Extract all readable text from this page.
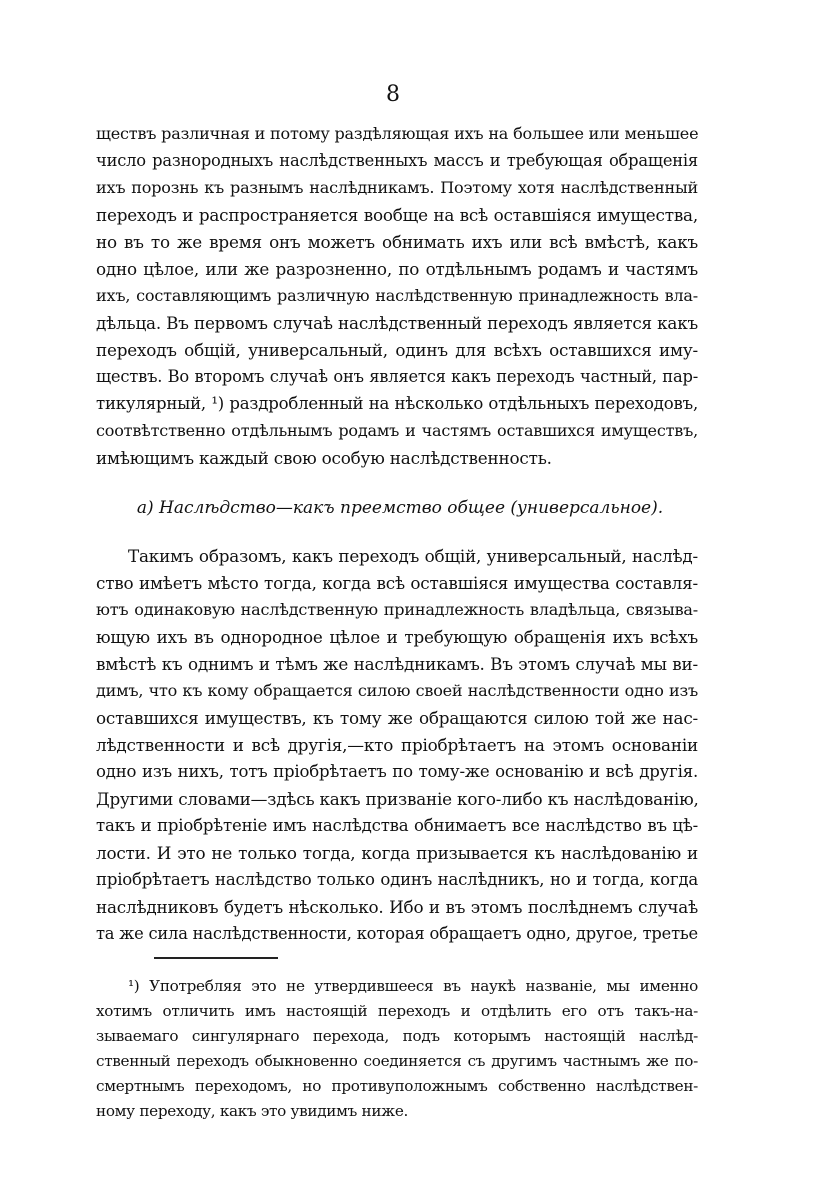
8
ществъ различная и потому раздѣляющая ихъ на большее или меньшее
число разнородныхъ наслѣдственныхъ массъ и требующая обращенія
ихъ порознь къ разнымъ наслѣдникамъ. Поэтому хотя наслѣдственный
переходъ и распространяется вообще на всѣ оставшіяся имущества,
но въ то же время онъ можетъ обнимать ихъ или всѣ вмѣстѣ, какъ
одно цѣлое, или же разрозненно, по отдѣльнымъ родамъ и частямъ
ихъ, составляющимъ различную наслѣдственную принадлежность вла-
дѣльца. Въ первомъ случаѣ наслѣдственный переходъ является какъ
переходъ общій, универсальный, одинъ для всѣхъ оставшихся иму-
ществъ. Во второмъ случаѣ онъ является какъ переходъ частный, пар-
тикулярный, ¹) раздробленный на нѣсколько отдѣльныхъ переходовъ,
соотвѣтственно отдѣльнымъ родамъ и частямъ оставшихся имуществъ,
имѣющимъ каждый свою особую наслѣдственность.
а) Наслѣдство—какъ преемство общее (универсальное).
Такимъ образомъ, какъ переходъ общій, универсальный, наслѣд-
ство имѣетъ мѣсто тогда, когда всѣ оставшіяся имущества составля-
ютъ одинаковую наслѣдственную принадлежность владѣльца, связыва-
ющую ихъ въ однородное цѣлое и требующую обращенія ихъ всѣхъ
вмѣстѣ къ однимъ и тѣмъ же наслѣдникамъ. Въ этомъ случаѣ мы ви-
димъ, что къ кому обращается силою своей наслѣдственности одно изъ
оставшихся имуществъ, къ тому же обращаются силою той же нас-
лѣдственности и всѣ другія,—кто пріобрѣтаетъ на этомъ основаніи
одно изъ нихъ, тотъ пріобрѣтаетъ по тому-же основанію и всѣ другія.
Другими словами—здѣсь какъ призваніе кого-либо къ наслѣдованію,
такъ и пріобрѣтеніе имъ наслѣдства обнимаетъ все наслѣдство въ цѣ-
лости. И это не только тогда, когда призывается къ наслѣдованію и
пріобрѣтаетъ наслѣдство только одинъ наслѣдникъ, но и тогда, когда
наслѣдниковъ будетъ нѣсколько. Ибо и въ этомъ послѣднемъ случаѣ
та же сила наслѣдственности, которая обращаетъ одно, другое, третье
¹) Употребляя это не утвердившееся въ наукѣ названіе, мы именно
хотимъ отличить имъ настоящій переходъ и отдѣлить его отъ такъ-на-
зываемаго сингулярнаго перехода, подъ которымъ настоящій наслѣд-
ственный переходъ обыкновенно соединяется съ другимъ частнымъ же по-
смертнымъ переходомъ, но противуположнымъ собственно наслѣдствен-
ному переходу, какъ это увидимъ ниже.
